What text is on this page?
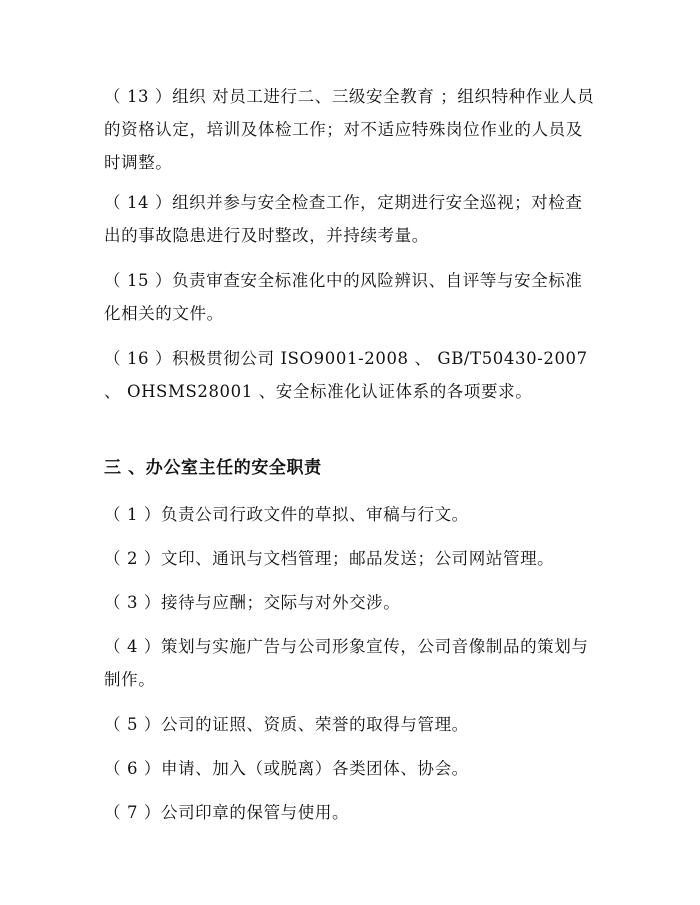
（ 13 ）组织 对员工进行二、三级安全教育 ；组织特种作业人员的资格认定，培训及体检工作；对不适应特殊岗位作业的人员及时调整。

（ 14 ）组织并参与安全检查工作，定期进行安全巡视；对检查出的事故隐患进行及时整改，并持续考量。

（ 15 ）负责审查安全标准化中的风险辨识、自评等与安全标准化相关的文件。

（ 16 ）积极贯彻公司 ISO9001-2008 、 GB/T50430-2007 、 OHSMS28001 、安全标准化认证体系的各项要求。

三 、办公室主任的安全职责

（ 1 ）负责公司行政文件的草拟、审稿与行文。

（ 2 ）文印、通讯与文档管理；邮品发送；公司网站管理。

（ 3 ）接待与应酬；交际与对外交涉。

（ 4 ）策划与实施广告与公司形象宣传，公司音像制品的策划与制作。

（ 5 ）公司的证照、资质、荣誉的取得与管理。

（ 6 ）申请、加入（或脱离）各类团体、协会。

（ 7 ）公司印章的保管与使用。
